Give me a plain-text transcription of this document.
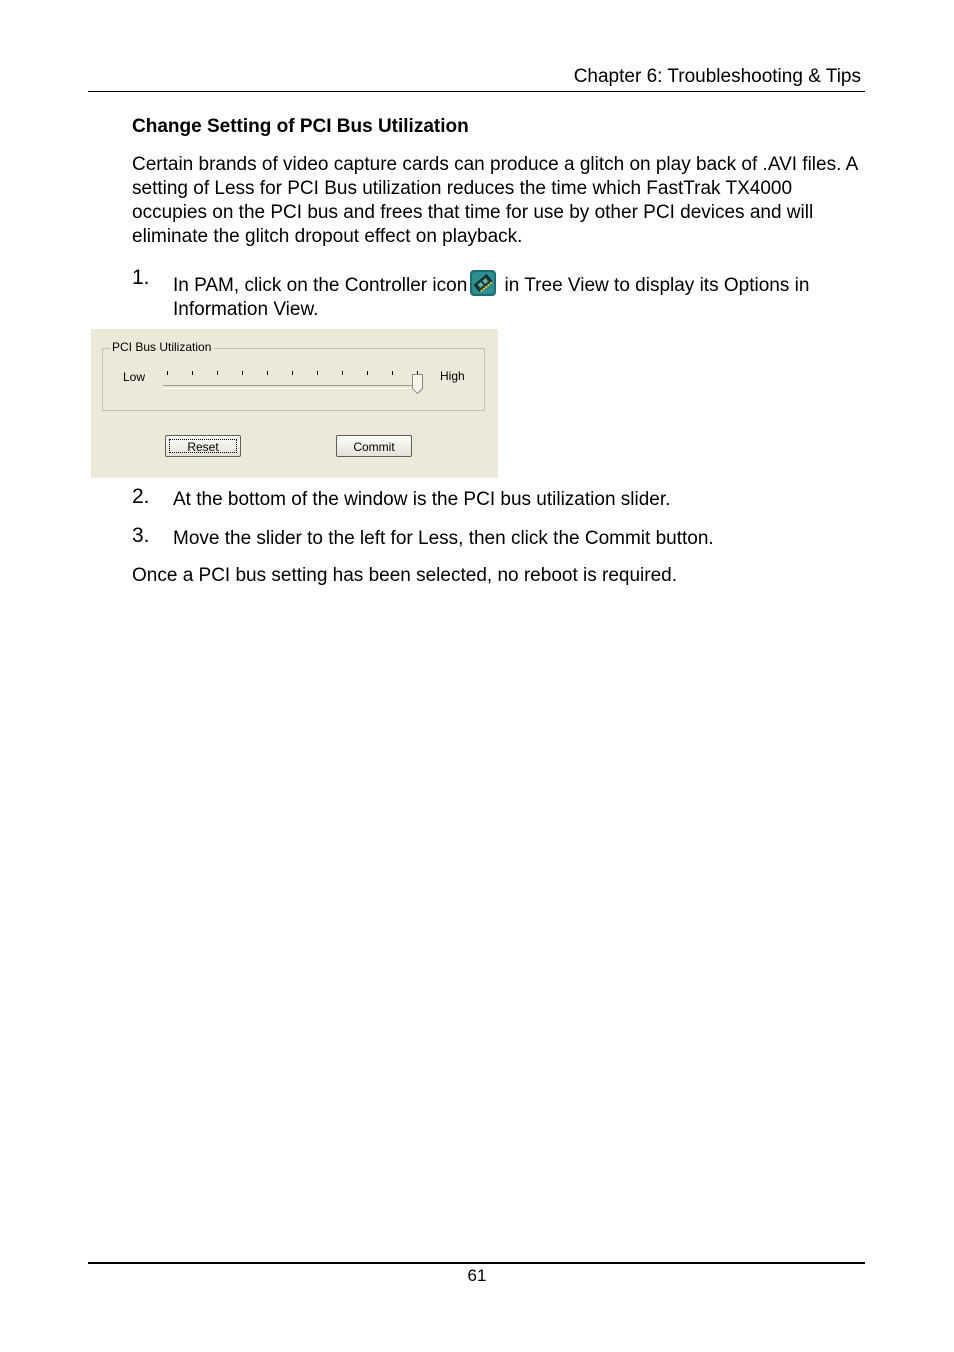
Chapter 6: Troubleshooting & Tips
Change Setting of PCI Bus Utilization
Certain brands of video capture cards can produce a glitch on play back of .AVI files. A setting of Less for PCI Bus utilization reduces the time which FastTrak TX4000 occupies on the PCI bus and frees that time for use by other PCI devices and will eliminate the glitch dropout effect on playback.
1. In PAM, click on the Controller icon in Tree View to display its Options in Information View.
PCI Bus Utilization
Low	High
Reset	Commit
2. At the bottom of the window is the PCI bus utilization slider.
3. Move the slider to the left for Less, then click the Commit button.
Once a PCI bus setting has been selected, no reboot is required.
61
